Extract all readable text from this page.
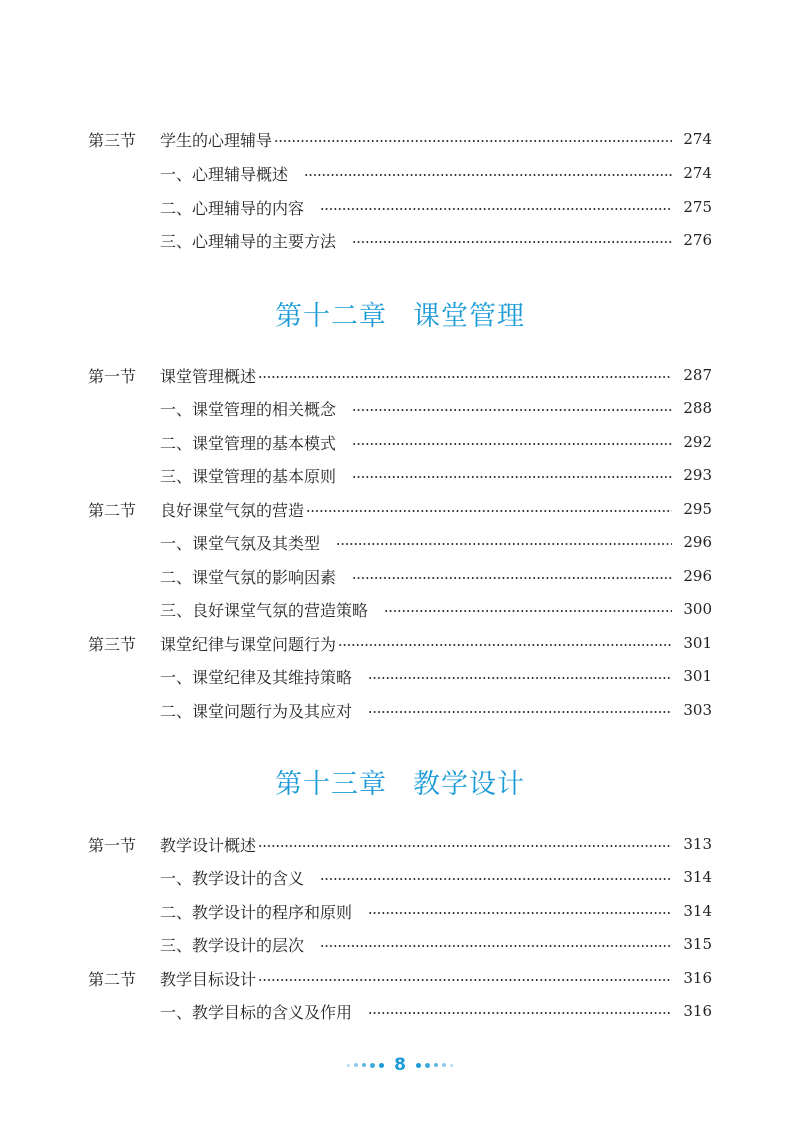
第三节	学生的心理辅导	274
一、心理辅导概述	274
二、心理辅导的内容	275
三、心理辅导的主要方法	276
第十二章 课堂管理
第一节	课堂管理概述	287
一、课堂管理的相关概念	288
二、课堂管理的基本模式	292
三、课堂管理的基本原则	293
第二节	良好课堂气氛的营造	295
一、课堂气氛及其类型	296
二、课堂气氛的影响因素	296
三、良好课堂气氛的营造策略	300
第三节	课堂纪律与课堂问题行为	301
一、课堂纪律及其维持策略	301
二、课堂问题行为及其应对	303
第十三章 教学设计
第一节	教学设计概述	313
一、教学设计的含义	314
二、教学设计的程序和原则	314
三、教学设计的层次	315
第二节	教学目标设计	316
一、教学目标的含义及作用	316
8
